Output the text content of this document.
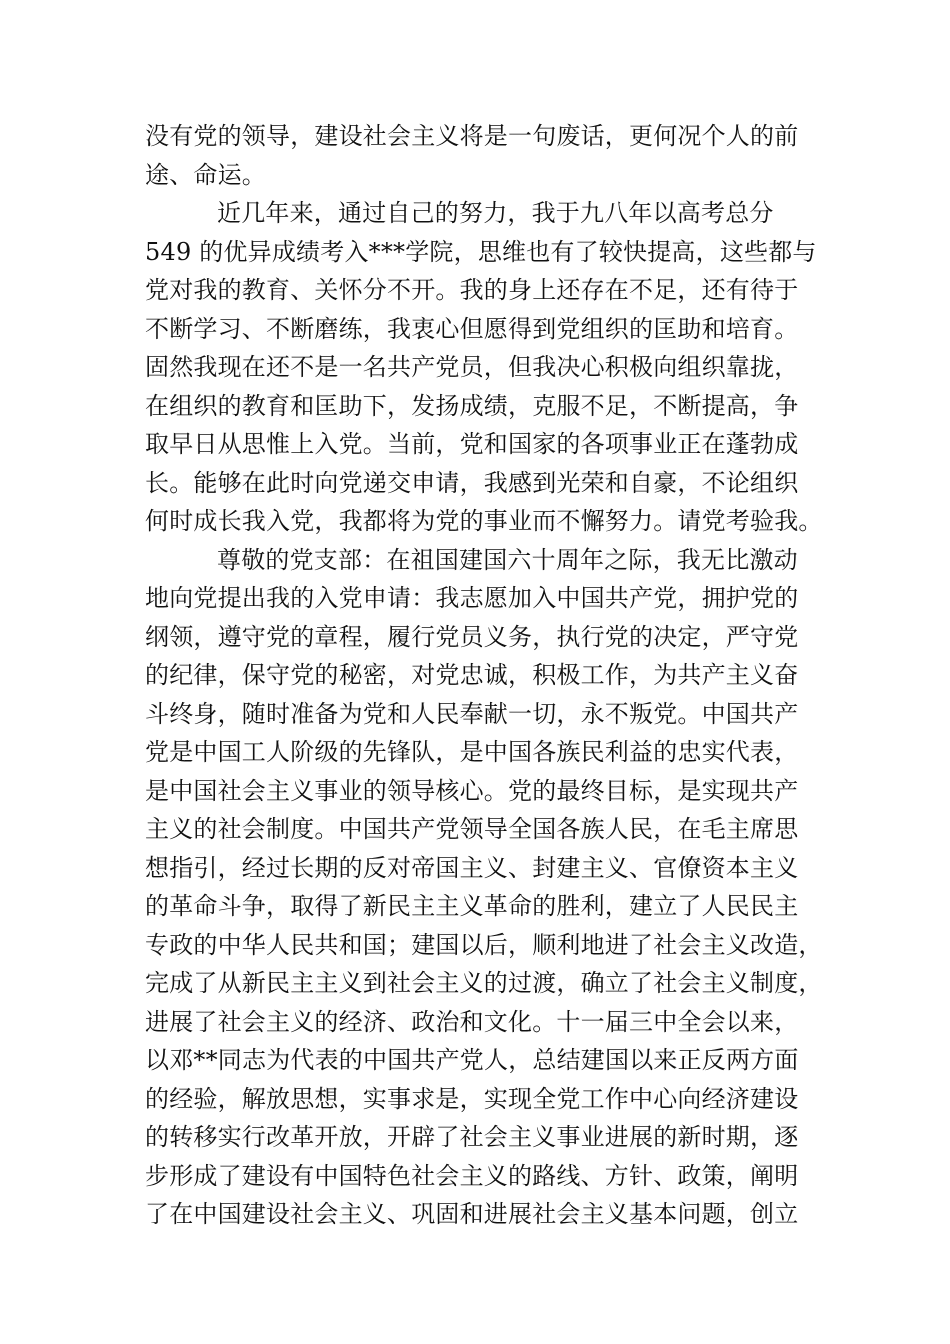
没有党的领导，建设社会主义将是一句废话，更何况个人的前
途、命运。
近几年来，通过自己的努力，我于九八年以高考总分
549 的优异成绩考入***学院，思维也有了较快提高，这些都与
党对我的教育、关怀分不开。我的身上还存在不足，还有待于
不断学习、不断磨练，我衷心但愿得到党组织的匡助和培育。
固然我现在还不是一名共产党员，但我决心积极向组织靠拢，
在组织的教育和匡助下，发扬成绩，克服不足，不断提高，争
取早日从思惟上入党。当前，党和国家的各项事业正在蓬勃成
长。能够在此时向党递交申请，我感到光荣和自豪，不论组织
何时成长我入党，我都将为党的事业而不懈努力。请党考验我。
尊敬的党支部：在祖国建国六十周年之际，我无比激动
地向党提出我的入党申请：我志愿加入中国共产党，拥护党的
纲领，遵守党的章程，履行党员义务，执行党的决定，严守党
的纪律，保守党的秘密，对党忠诚，积极工作，为共产主义奋
斗终身，随时准备为党和人民奉献一切，永不叛党。中国共产
党是中国工人阶级的先锋队，是中国各族民利益的忠实代表，
是中国社会主义事业的领导核心。党的最终目标，是实现共产
主义的社会制度。中国共产党领导全国各族人民，在毛主席思
想指引，经过长期的反对帝国主义、封建主义、官僚资本主义
的革命斗争，取得了新民主主义革命的胜利，建立了人民民主
专政的中华人民共和国；建国以后，顺利地进了社会主义改造，
完成了从新民主主义到社会主义的过渡，确立了社会主义制度，
进展了社会主义的经济、政治和文化。十一届三中全会以来，
以邓**同志为代表的中国共产党人，总结建国以来正反两方面
的经验，解放思想，实事求是，实现全党工作中心向经济建设
的转移实行改革开放，开辟了社会主义事业进展的新时期，逐
步形成了建设有中国特色社会主义的路线、方针、政策，阐明
了在中国建设社会主义、巩固和进展社会主义基本问题，创立
